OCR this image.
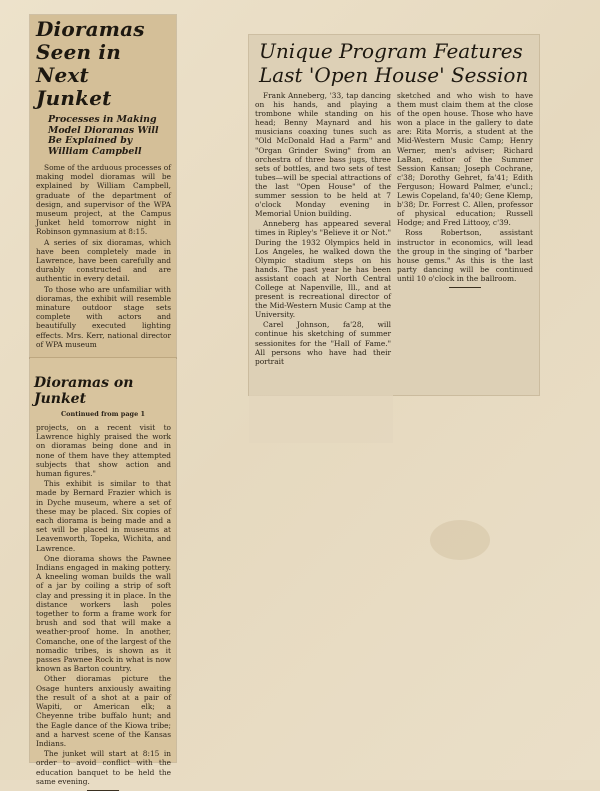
Dioramas Seen in Next Junket
Processes in Making Model Dioramas Will Be Explained by William Campbell

Some of the arduous processes of making model dioramas will be explained by William Campbell, graduate of the department of design, and supervisor of the WPA museum project, at the Campus Junket held tomorrow night in Robinson gymnasium at 8:15.

A series of six dioramas, which have been completely made in Lawrence, have been carefully and durably constructed and are authentic in every detail.

To those who are unfamiliar with dioramas, the exhibit will resemble minature outdoor stage sets complete with actors and beautifully executed lighting effects. Mrs. Kerr, national director of WPA museum

Dioramas on Junket
Continued from page 1

projects, on a recent visit to Lawrence highly praised the work on dioramas being done and in none of them have they attempted subjects that show action and human figures."

This exhibit is similar to that made by Bernard Frazier which is in Dyche museum, where a set of these may be placed. Six copies of each diorama is being made and a set will be placed in museums at Leavenworth, Topeka, Wichita, and Lawrence.

One diorama shows the Pawnee Indians engaged in making pottery. A kneeling woman builds the wall of a jar by coiling a strip of soft clay and pressing it in place. In the distance workers lash poles together to form a frame work for brush and sod that will make a weather-proof home. In another, Comanche, one of the largest of the nomadic tribes, is shown as it passes Pawnee Rock in what is now known as Barton country.

Other dioramas picture the Osage hunters anxiously awaiting the result of a shot at a pair of Wapiti, or American elk; a Cheyenne tribe buffalo hunt; and the Eagle dance of the Kiowa tribe; and a harvest scene of the Kansas Indians.

The junket will start at 8:15 in order to avoid conflict with the education banquet to be held the same evening.

Unique Program Features Last 'Open House' Session

Frank Anneberg, '33, tap dancing on his hands, and playing a trombone while standing on his head; Benny Maynard and his musicians coaxing tunes such as "Old McDonald Had a Farm" and "Organ Grinder Swing" from an orchestra of three bass jugs, three sets of bottles, and two sets of test tubes—will be special attractions of the last "Open House" of the summer session to be held at 7 o'clock Monday evening in Memorial Union building.

Anneberg has appeared several times in Ripley's "Believe it or Not." During the 1932 Olympics held in Los Angeles, he walked down the Olympic stadium steps on his hands. The past year he has been assistant coach at North Central College at Napenville, Ill., and at present is recreational director of the Mid-Western Music Camp at the University.

Carel Johnson, fa'28, will continue his sketching of summer sessionites for the "Hall of Fame." All persons who have had their portrait

sketched and who wish to have them must claim them at the close of the open house. Those who have won a place in the gallery to date are: Rita Morris, a student at the Mid-Western Music Camp; Henry Werner, men's adviser; Richard LaBan, editor of the Summer Session Kansan; Joseph Cochrane, c'38; Dorothy Gehret, fa'41; Edith Ferguson; Howard Palmer, e'uncl.; Lewis Copeland, fa'40; Gene Klemp, b'38; Dr. Forrest C. Allen, professor of physical education; Russell Hodge; and Fred Littooy, c'39.

Ross Robertson, assistant instructor in economics, will lead the group in the singing of "barber house gems." As this is the last party dancing will be continued until 10 o'clock in the ballroom.
